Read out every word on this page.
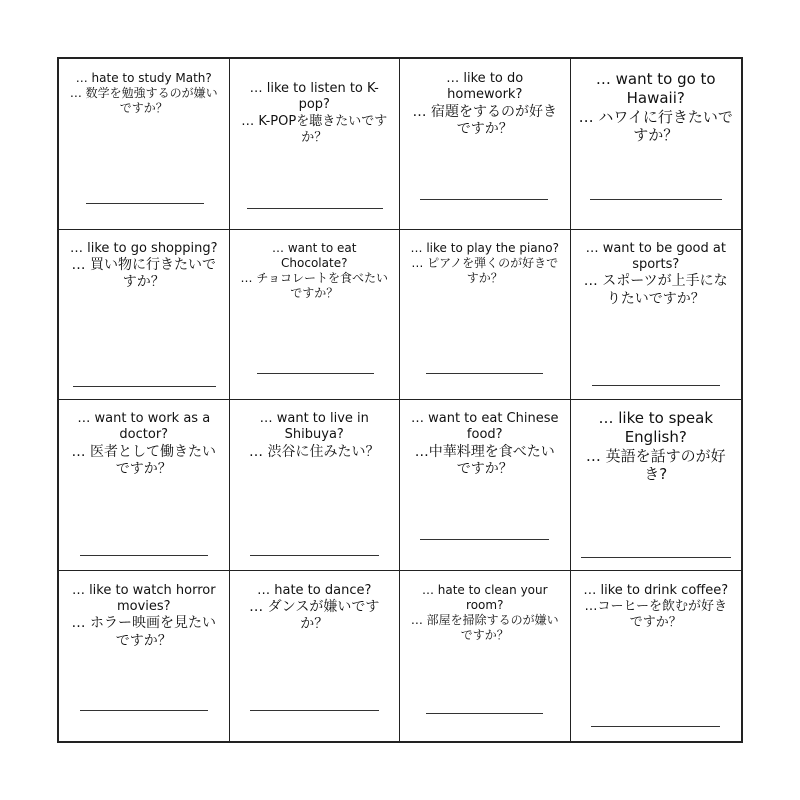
… hate to study Math?
… 数学を勉強するのが嫌いですか？
… like to listen to K-pop?
… K-POPを聴きたいですか？
… like to do homework?
… 宿題をするのが好きですか？
… want to go to Hawaii?
… ハワイに行きたいですか？
… like to go shopping?
… 買い物に行きたいですか？
… want to eat Chocolate?
… チョコレートを食べたいですか？
… like to play the piano?
… ピアノを弾くのが好きですか？
… want to be good at sports?
… スポーツが上手になりたいですか？
… want to work as a doctor?
… 医者として働きたいですか？
… want to live in Shibuya?
… 渋谷に住みたい？
… want to eat Chinese food?
…中華料理を食べたいですか？
… like to speak English?
… 英語を話すのが好き?
… like to watch horror movies?
… ホラー映画を見たいですか？
… hate to dance?
… ダンスが嫌いですか？
… hate to clean your room?
… 部屋を掃除するのが嫌いですか？
… like to drink coffee?
…コーヒーを飲むが好きですか？
